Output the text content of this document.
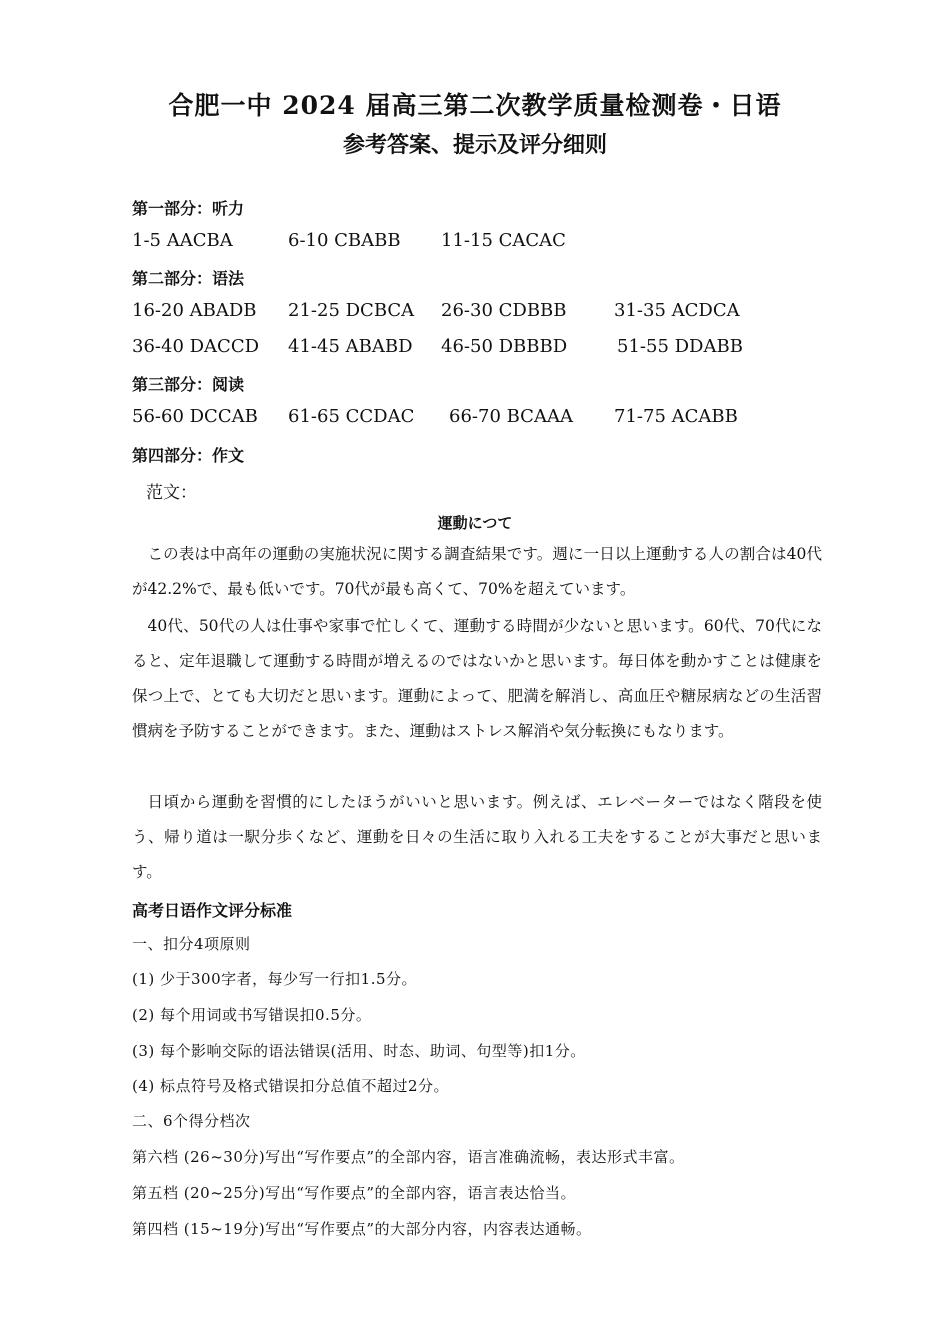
合肥一中 2024 届高三第二次教学质量检测卷・日语
参考答案、提示及评分细则
第一部分：听力
1-5 AACBA	6-10 CBABB 11-15 CACAC
第二部分：语法
16-20 ABADB 21-25 DCBCA 26-30 CDBBB	31-35 ACDCA
36-40 DACCD 41-45 ABABD 46-50 DBBBD	51-55 DDABB
第三部分：阅读
56-60 DCCAB 61-65 CCDAC 66-70 BCAAA 71-75 ACABB
第四部分：作文
范文：
運動につて

この表は中高年の運動の実施状況に関する調査結果です。週に一日以上運動する人の割合は40代が42.2%で、最も低いです。70代が最も高くて、70%を超えています。

40代、50代の人は仕事や家事で忙しくて、運動する時間が少ないと思います。60代、70代になると、定年退職して運動する時間が増えるのではないかと思います。毎日体を動かすことは健康を保つ上で、とても大切だと思います。運動によって、肥満を解消し、高血圧や糖尿病などの生活習慣病を予防することができます。また、運動はストレス解消や気分転換にもなります。

日頃から運動を習慣的にしたほうがいいと思います。例えば、エレベーターではなく階段を使う、帰り道は一駅分歩くなど、運動を日々の生活に取り入れる工夫をすることが大事だと思います。

高考日语作文评分标准
一、扣分4项原则
(1) 少于300字者，每少写一行扣1.5分。
(2) 每个用词或书写错误扣0.5分。
(3) 每个影响交际的语法错误(活用、时态、助词、句型等)扣1分。
(4) 标点符号及格式错误扣分总值不超过2分。
二、6个得分档次
第六档 (26~30分)写出“写作要点”的全部内容，语言准确流畅，表达形式丰富。
第五档 (20~25分)写出“写作要点”的全部内容，语言表达恰当。
第四档 (15~19分)写出“写作要点”的大部分内容，内容表达通畅。
